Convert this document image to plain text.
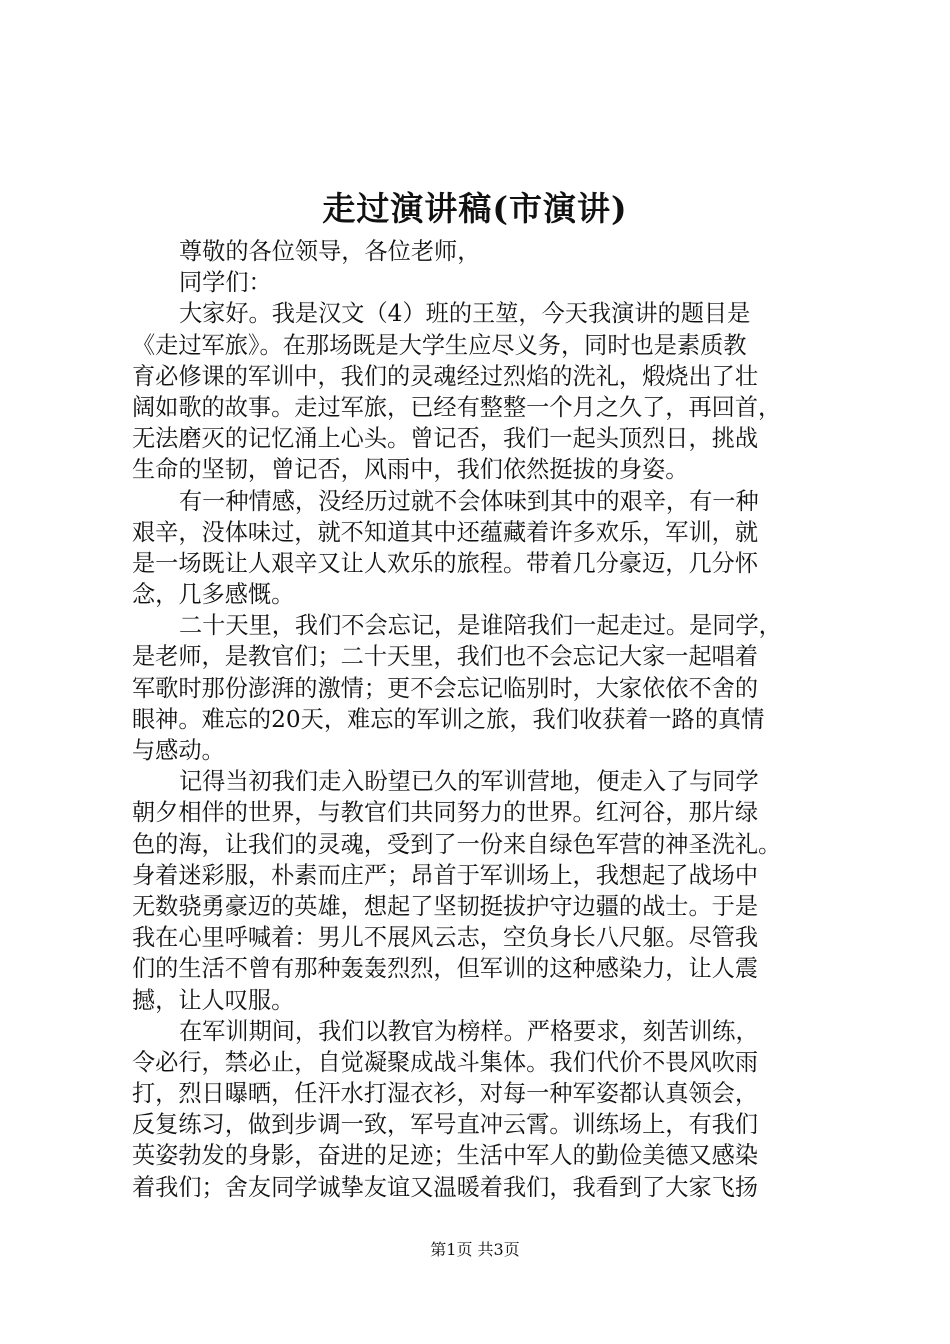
走过演讲稿(市演讲)
尊敬的各位领导，各位老师，
同学们：
大家好。我是汉文（4）班的王堃，今天我演讲的题目是
《走过军旅》。在那场既是大学生应尽义务，同时也是素质教
育必修课的军训中，我们的灵魂经过烈焰的洗礼，煅烧出了壮
阔如歌的故事。走过军旅，已经有整整一个月之久了，再回首，
无法磨灭的记忆涌上心头。曾记否，我们一起头顶烈日，挑战
生命的坚韧，曾记否，风雨中，我们依然挺拔的身姿。
有一种情感，没经历过就不会体味到其中的艰辛，有一种
艰辛，没体味过，就不知道其中还蕴藏着许多欢乐，军训，就
是一场既让人艰辛又让人欢乐的旅程。带着几分豪迈，几分怀
念，几多感慨。
二十天里，我们不会忘记，是谁陪我们一起走过。是同学，
是老师，是教官们；二十天里，我们也不会忘记大家一起唱着
军歌时那份澎湃的激情；更不会忘记临别时，大家依依不舍的
眼神。难忘的20天，难忘的军训之旅，我们收获着一路的真情
与感动。
记得当初我们走入盼望已久的军训营地，便走入了与同学
朝夕相伴的世界，与教官们共同努力的世界。红河谷，那片绿
色的海，让我们的灵魂，受到了一份来自绿色军营的神圣洗礼。
身着迷彩服，朴素而庄严；昂首于军训场上，我想起了战场中
无数骁勇豪迈的英雄，想起了坚韧挺拔护守边疆的战士。于是
我在心里呼喊着：男儿不展风云志，空负身长八尺躯。尽管我
们的生活不曾有那种轰轰烈烈，但军训的这种感染力，让人震
撼，让人叹服。
在军训期间，我们以教官为榜样。严格要求，刻苦训练，
令必行，禁必止，自觉凝聚成战斗集体。我们代价不畏风吹雨
打，烈日曝晒，任汗水打湿衣衫，对每一种军姿都认真领会，
反复练习，做到步调一致，军号直冲云霄。训练场上，有我们
英姿勃发的身影，奋进的足迹；生活中军人的勤俭美德又感染
着我们；舍友同学诚挚友谊又温暖着我们，我看到了大家飞扬
第1页 共3页
